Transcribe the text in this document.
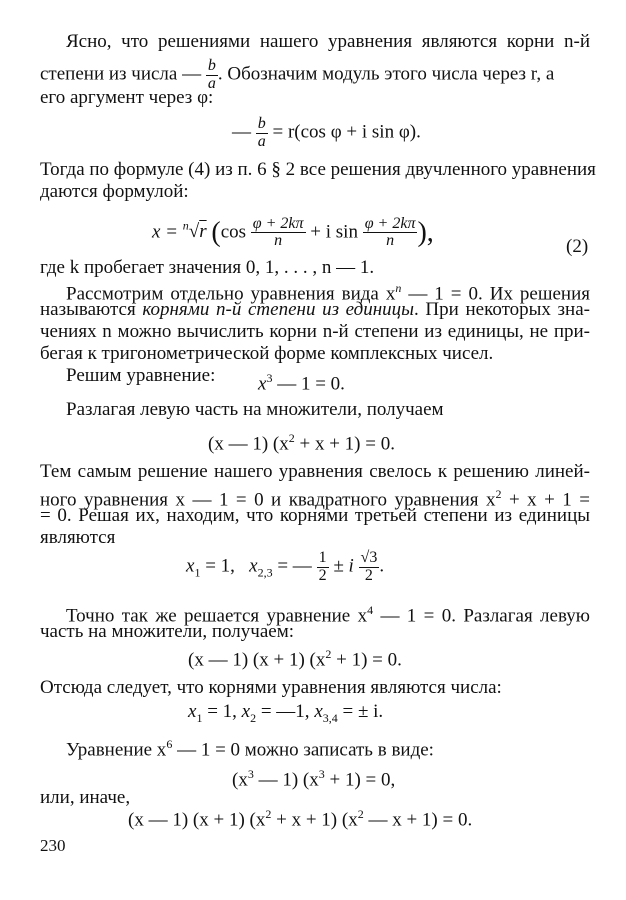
Ясно, что решениями нашего уравнения являются корни n-й
степени из числа — $\frac{b}{a}$ . Обозначим модуль этого числа через r, а
его аргумент через φ:
— $\frac{b}{a} = r(\cos$ φ + i sin φ).
Тогда по формуле (4) из п. 6 § 2 все решения двучленного уравнения
даются формулой:
x = $^n$√r ($\cos \frac{\varphi + 2k\pi}{n} + i$ $\sin \frac{\varphi + 2k\pi}{n}$ ),	(2)
где k пробегает значения 0, 1, . . . , n — 1.
Рассмотрим отдельно уравнения вида $x^n$ — 1 = 0. Их решения
называются корнями n-й степени из единицы. При некоторых зна-
чениях n можно вычислить корни n-й степени из единицы, не при-
бегая к тригонометрической форме комплексных чисел.
Решим уравнение:	$x^3$ — 1 = 0.
Разлагая левую часть на множители, получаем
(x — 1) $(x^2 + x + 1) = 0$.
Тем самым решение нашего уравнения свелось к решению линей-
ного уравнения x — 1 = 0 и квадратного уравнения $x^2 + x + 1$ =
= 0. Решая их, находим, что корнями третьей степени из единицы
являются
$x_1 = 1$, $x_{2,3}$ = — $\frac{1}{2} \pm i \frac{√3}{2}$ .
Точно так же решается уравнение $x^4$ — 1 = 0. Разлагая левую
часть на множители, получаем:
(x — 1) (x + 1) $(x^2 + 1) = 0$.
Отсюда следует, что корнями уравнения являются числа:
$x_1 = 1$, $x_2$ = —1, $x_{3,4}$ = ± i.
Уравнение $x^6$ — 1 = 0 можно записать в виде:
($x^3$ — 1) $(x^3 + 1) = 0$,
или, иначе,
(x — 1) (x + 1) $(x^2 + x + 1)$ ($x^2$ — x + 1) = 0.
230
